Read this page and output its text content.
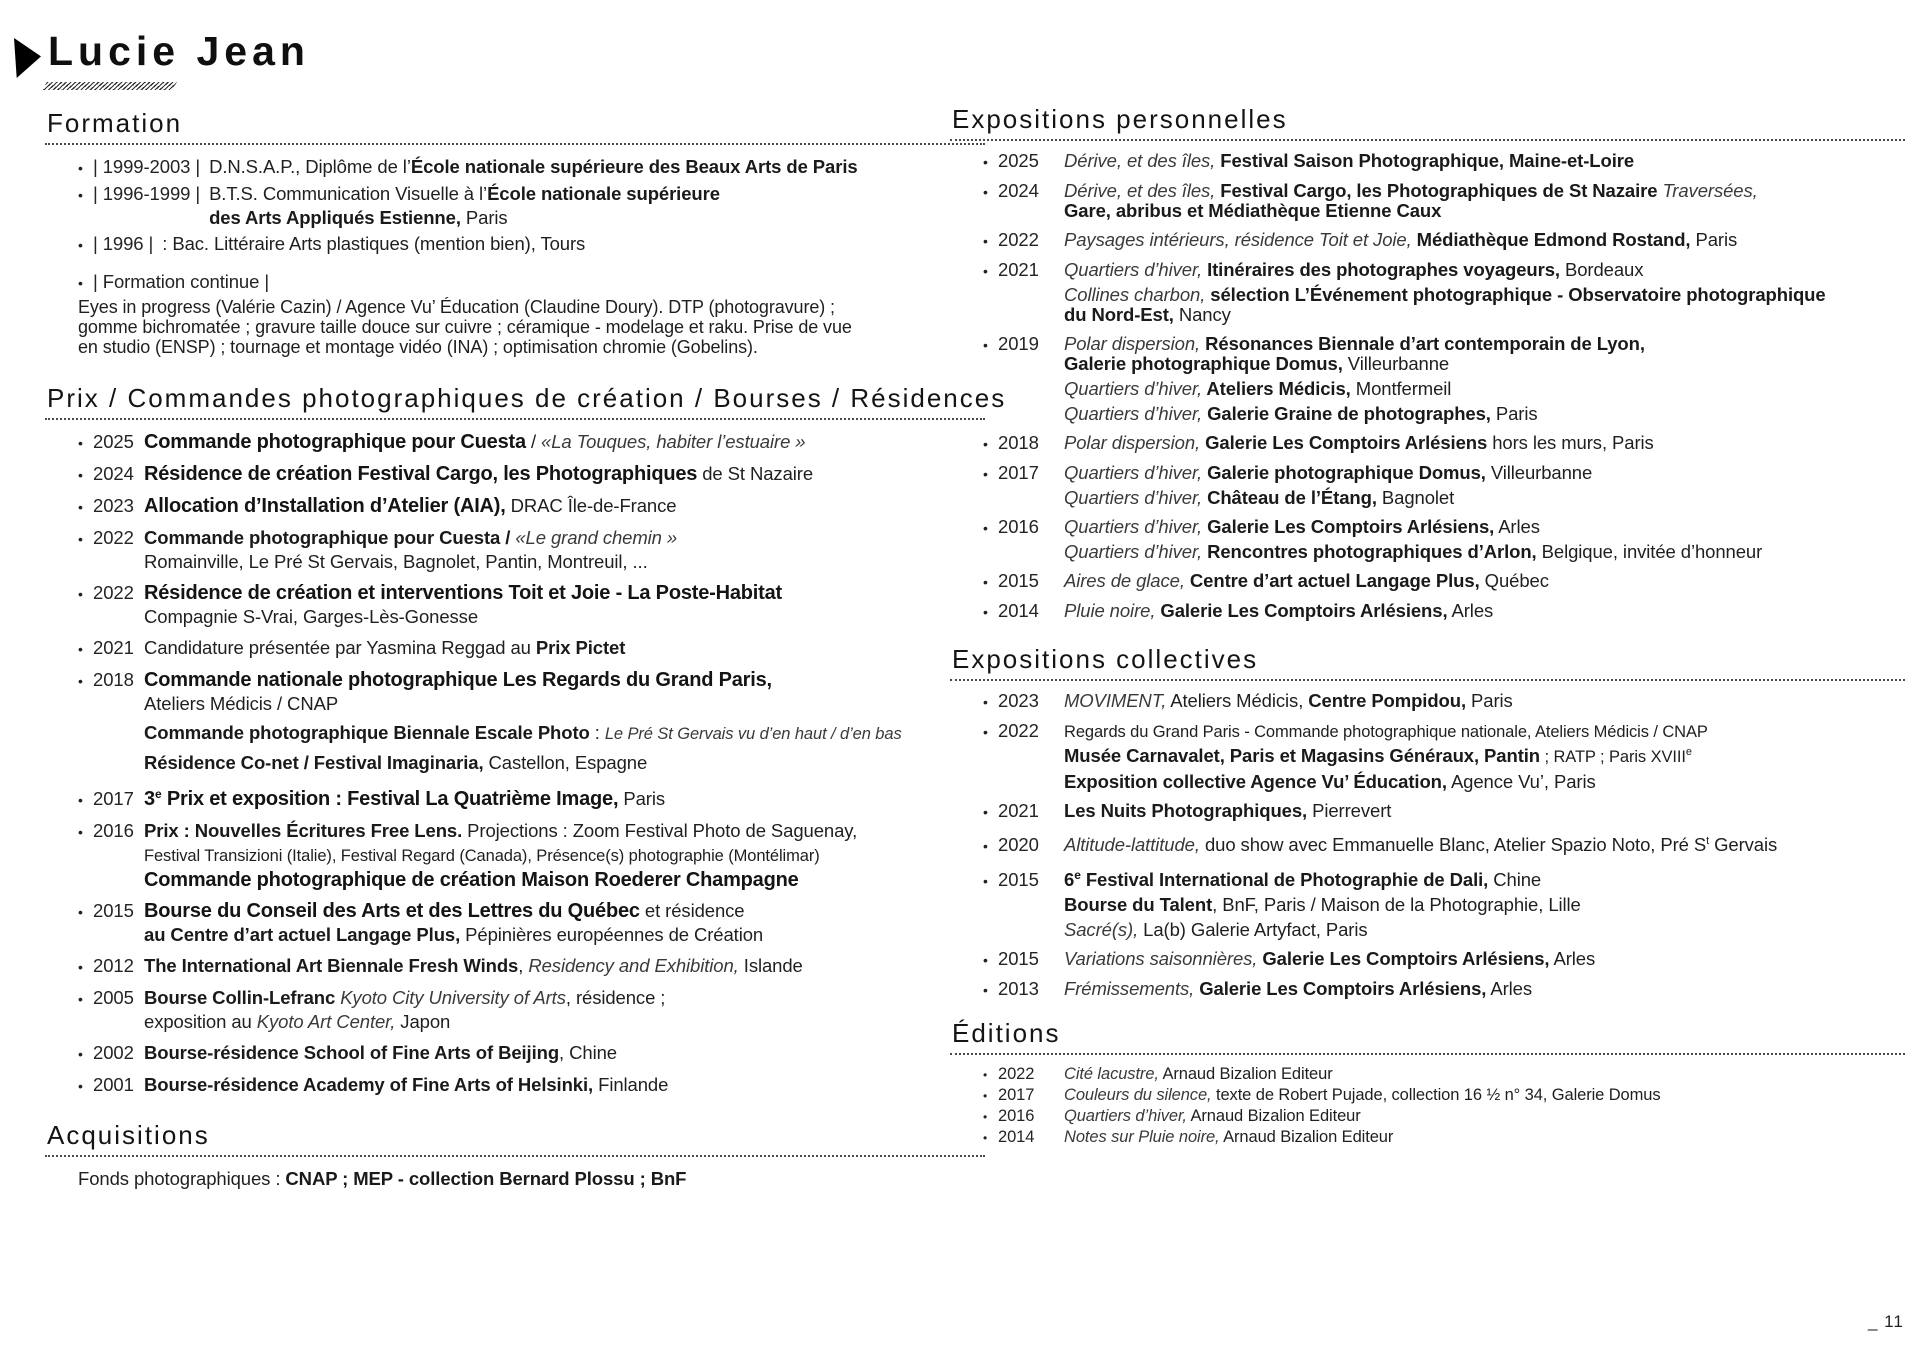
Lucie Jean
Formation
• | 1999-2003 | D.N.S.A.P., Diplôme de l’École nationale supérieure des Beaux Arts de Paris
• | 1996-1999 | B.T.S. Communication Visuelle à l’École nationale supérieure
des Arts Appliqués Estienne, Paris
• | 1996 | : Bac. Littéraire Arts plastiques (mention bien), Tours
• | Formation continue |
Eyes in progress (Valérie Cazin) / Agence Vu’ Éducation (Claudine Doury). DTP (photogravure) ;
gomme bichromatée ; gravure taille douce sur cuivre ; céramique - modelage et raku. Prise de vue
en studio (ENSP) ; tournage et montage vidéo (INA) ; optimisation chromie (Gobelins).
Prix / Commandes photographiques de création / Bourses / Résidences
• 2025 Commande photographique pour Cuesta / «La Touques, habiter l’estuaire »
• 2024 Résidence de création Festival Cargo, les Photographiques de St Nazaire
• 2023 Allocation d’Installation d’Atelier (AIA), DRAC Île-de-France
• 2022 Commande photographique pour Cuesta / «Le grand chemin »
Romainville, Le Pré St Gervais, Bagnolet, Pantin, Montreuil, ...
• 2022 Résidence de création et interventions Toit et Joie - La Poste-Habitat
Compagnie S-Vrai, Garges-Lès-Gonesse
• 2021 Candidature présentée par Yasmina Reggad au Prix Pictet
• 2018 Commande nationale photographique Les Regards du Grand Paris,
Ateliers Médicis / CNAP
Commande photographique Biennale Escale Photo : Le Pré St Gervais vu d’en haut / d’en bas
Résidence Co-net / Festival Imaginaria, Castellon, Espagne
• 2017 3e Prix et exposition : Festival La Quatrième Image, Paris
• 2016 Prix : Nouvelles Écritures Free Lens. Projections : Zoom Festival Photo de Saguenay,
Festival Transizioni (Italie), Festival Regard (Canada), Présence(s) photographie (Montélimar)
Commande photographique de création Maison Roederer Champagne
• 2015 Bourse du Conseil des Arts et des Lettres du Québec et résidence
au Centre d’art actuel Langage Plus, Pépinières européennes de Création
• 2012 The International Art Biennale Fresh Winds, Residency and Exhibition, Islande
• 2005 Bourse Collin-Lefranc Kyoto City University of Arts, résidence ;
exposition au Kyoto Art Center, Japon
• 2002 Bourse-résidence School of Fine Arts of Beijing, Chine
• 2001 Bourse-résidence Academy of Fine Arts of Helsinki, Finlande
Acquisitions
Fonds photographiques : CNAP ; MEP - collection Bernard Plossu ; BnF
Expositions personnelles
• 2025	Dérive, et des îles, Festival Saison Photographique, Maine-et-Loire
• 2024	Dérive, et des îles, Festival Cargo, les Photographiques de St Nazaire Traversées,
Gare, abribus et Médiathèque Etienne Caux
• 2022	Paysages intérieurs, résidence Toit et Joie, Médiathèque Edmond Rostand, Paris
• 2021	Quartiers d’hiver, Itinéraires des photographes voyageurs, Bordeaux
Collines charbon, sélection L’Événement photographique - Observatoire photographique
du Nord-Est, Nancy
• 2019	Polar dispersion, Résonances Biennale d’art contemporain de Lyon,
Galerie photographique Domus, Villeurbanne
Quartiers d’hiver, Ateliers Médicis, Montfermeil
Quartiers d’hiver, Galerie Graine de photographes, Paris
• 2018	Polar dispersion, Galerie Les Comptoirs Arlésiens hors les murs, Paris
• 2017	Quartiers d’hiver, Galerie photographique Domus, Villeurbanne
Quartiers d’hiver, Château de l’Étang, Bagnolet
• 2016	Quartiers d’hiver, Galerie Les Comptoirs Arlésiens, Arles
Quartiers d’hiver, Rencontres photographiques d’Arlon, Belgique, invitée d’honneur
• 2015	Aires de glace, Centre d’art actuel Langage Plus, Québec
• 2014	Pluie noire, Galerie Les Comptoirs Arlésiens, Arles
Expositions collectives
• 2023	MOVIMENT, Ateliers Médicis, Centre Pompidou, Paris
• 2022	Regards du Grand Paris - Commande photographique nationale, Ateliers Médicis / CNAP
Musée Carnavalet, Paris et Magasins Généraux, Pantin ; RATP ; Paris XVIIIe
Exposition collective Agence Vu’ Éducation, Agence Vu’, Paris
• 2021	Les Nuits Photographiques, Pierrevert
• 2020	Altitude-lattitude, duo show avec Emmanuelle Blanc, Atelier Spazio Noto, Pré $S^t$ Gervais
• 2015	6e Festival International de Photographie de Dali, Chine
Bourse du Talent, BnF, Paris / Maison de la Photographie, Lille
Sacré(s), La(b) Galerie Artyfact, Paris
• 2015	Variations saisonnières, Galerie Les Comptoirs Arlésiens, Arles
• 2013	Frémissements, Galerie Les Comptoirs Arlésiens, Arles
Éditions
• 2022	Cité lacustre, Arnaud Bizalion Editeur
• 2017	Couleurs du silence, texte de Robert Pujade, collection 16 ½ n° 34, Galerie Domus
• 2016	Quartiers d’hiver, Arnaud Bizalion Editeur
• 2014	Notes sur Pluie noire, Arnaud Bizalion Editeur
_ 11
